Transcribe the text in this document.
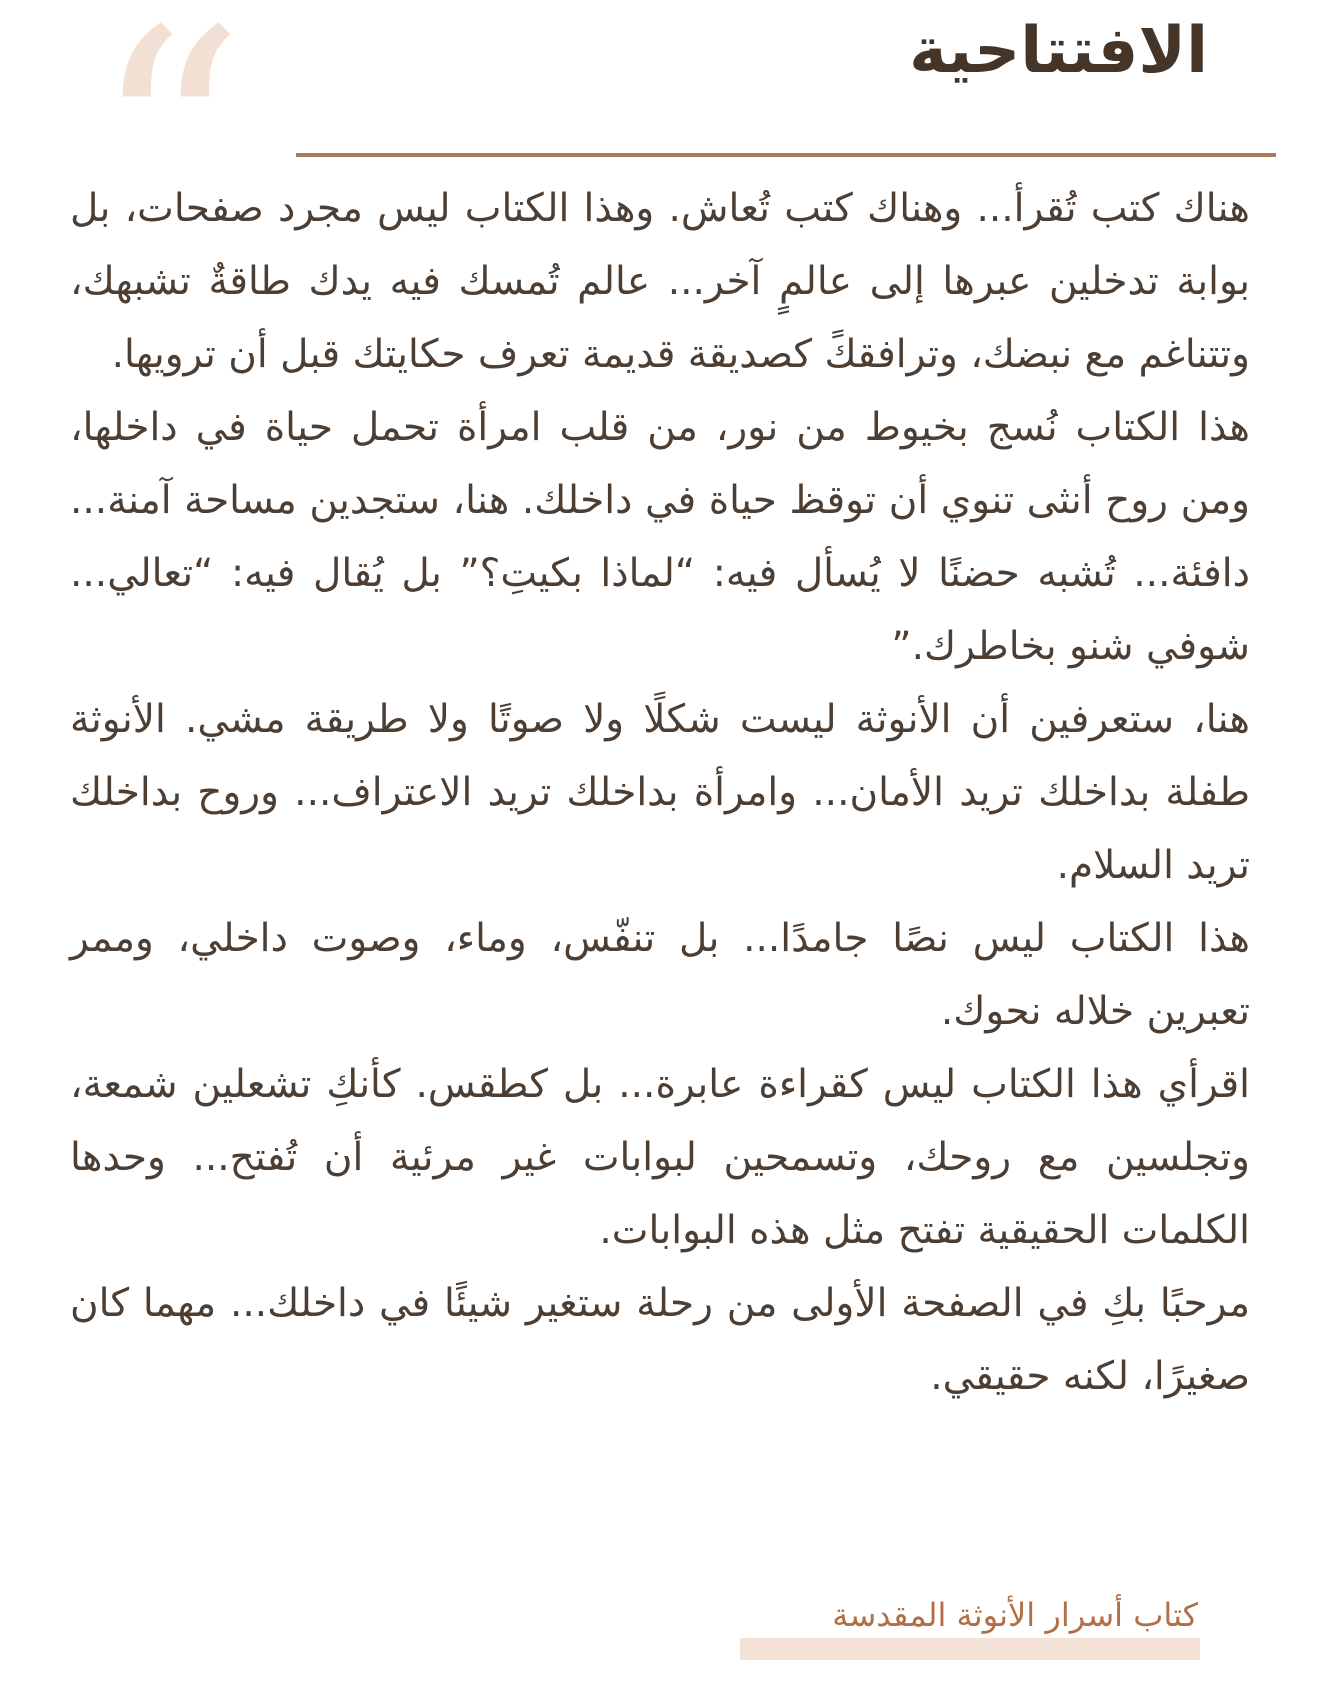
“	الافتتاحية

هناك كتب تُقرأ... وهناك كتب تُعاش. وهذا الكتاب ليس مجرد صفحات، بل بوابة تدخلين عبرها إلى عالمٍ آخر... عالم تُمسك فيه يدك طاقةٌ تشبهك، وتتناغم مع نبضك، وترافقكً كصديقة قديمة تعرف حكايتك قبل أن ترويها.

هذا الكتاب نُسج بخيوط من نور، من قلب امرأة تحمل حياة في داخلها، ومن روح أنثى تنوي أن توقظ حياة في داخلك. هنا، ستجدين مساحة آمنة... دافئة... تُشبه حضنًا لا يُسأل فيه: “لماذا بكيتِ؟” بل يُقال فيه: “تعالي... شوفي شنو بخاطرك.”

هنا، ستعرفين أن الأنوثة ليست شكلًا ولا صوتًا ولا طريقة مشي. الأنوثة طفلة بداخلك تريد الأمان... وامرأة بداخلك تريد الاعتراف... وروح بداخلك تريد السلام.

هذا الكتاب ليس نصًا جامدًا... بل تنفّس، وماء، وصوت داخلي، وممر تعبرين خلاله نحوك.

اقرأي هذا الكتاب ليس كقراءة عابرة... بل كطقس. كأنكِ تشعلين شمعة، وتجلسين مع روحك، وتسمحين لبوابات غير مرئية أن تُفتح... وحدها الكلمات الحقيقية تفتح مثل هذه البوابات.

مرحبًا بكِ في الصفحة الأولى من رحلة ستغير شيئًا في داخلك... مهما كان صغيرًا، لكنه حقيقي.

كتاب أسرار الأنوثة المقدسة
